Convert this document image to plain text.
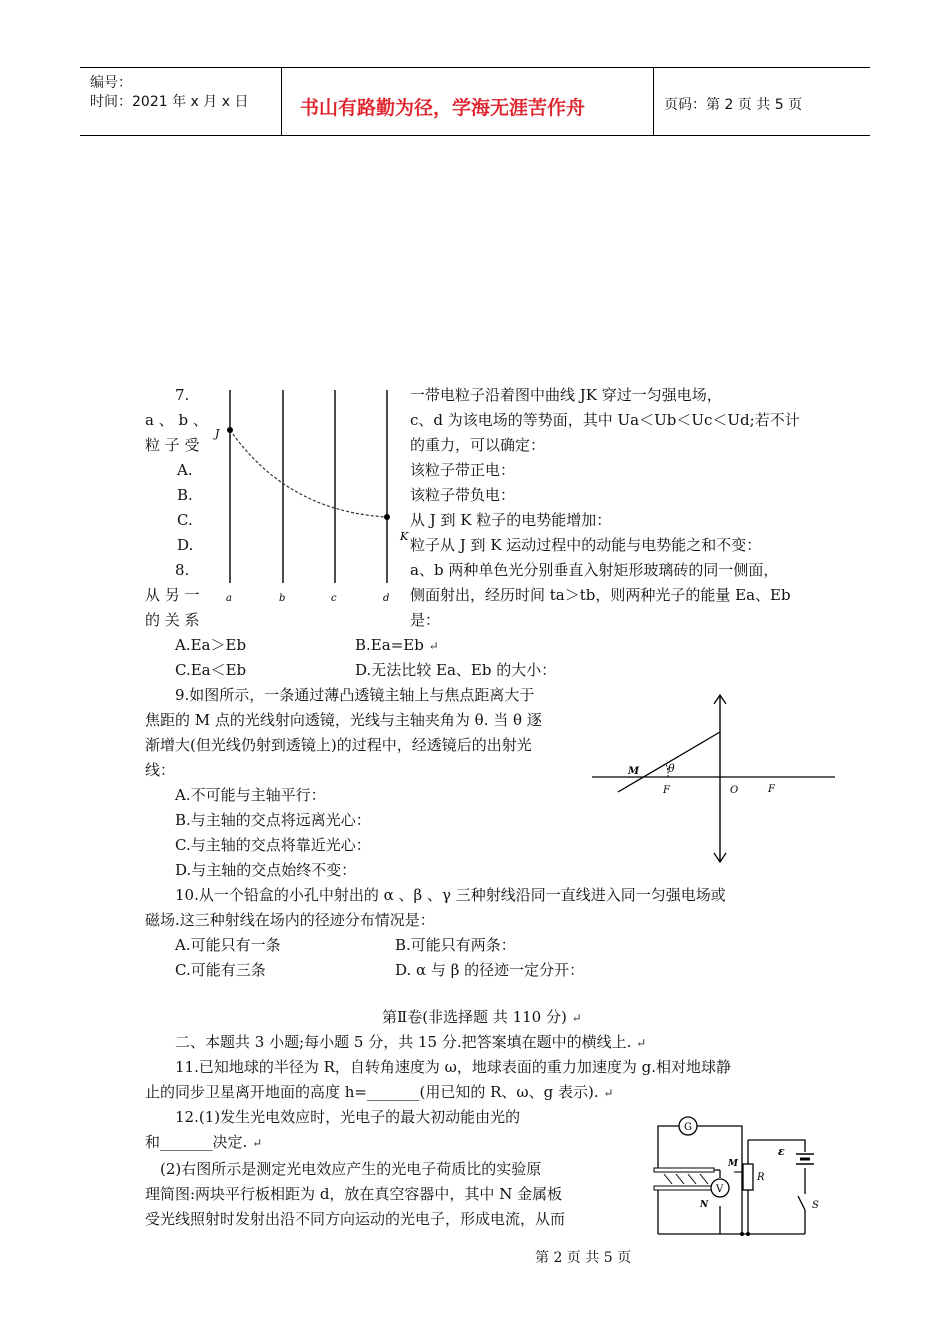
编号：
时间：2021 年 x 月 x 日	书山有路勤为径，学海无涯苦作舟	页码：第 2 页 共 5 页
J
K
a	b	c	d
7.
a 、 b 、
粒 子 受
一带电粒子沿着图中曲线 JK 穿过一匀强电场，
c、d 为该电场的等势面，其中 Ua＜Ub＜Uc＜Ud;若不计
的重力，可以确定：
A.	该粒子带正电：
B.	该粒子带负电：
C.	从 J 到 K 粒子的电势能增加：
D.	粒子从 J 到 K 运动过程中的动能与电势能之和不变：
8.
从 另 一
的 关 系
a、b 两种单色光分别垂直入射矩形玻璃砖的同一侧面，
侧面射出，经历时间 ta＞tb，则两种光子的能量 Ea、Eb
是：
A.Ea＞Eb	B.Ea=Eb ↵
C.Ea＜Eb	D.无法比较 Ea、Eb 的大小：
9.如图所示，一条通过薄凸透镜主轴上与焦点距离大于
焦距的 M 点的光线射向透镜，光线与主轴夹角为 θ. 当 θ 逐
渐增大(但光线仍射到透镜上)的过程中，经透镜后的出射光
线：
A.不可能与主轴平行：
B.与主轴的交点将远离光心：
C.与主轴的交点将靠近光心：
D.与主轴的交点始终不变：
M	θ
F	O	F
10.从一个铅盒的小孔中射出的 α 、β 、γ 三种射线沿同一直线进入同一匀强电场或
磁场.这三种射线在场内的径迹分布情况是：
A.可能只有一条	B.可能只有两条：
C.可能有三条	D. α 与 β 的径迹一定分开：
第Ⅱ卷(非选择题 共 110 分) ↵
二、本题共 3 小题;每小题 5 分，共 15 分.把答案填在题中的横线上. ↵
11.已知地球的半径为 R，自转角速度为 ω，地球表面的重力加速度为 g.相对地球静
止的同步卫星离开地面的高度 h=_______(用已知的 R、ω、g 表示). ↵
12.(1)发生光电效应时，光电子的最大初动能由光的
和_______决定. ↵
(2)右图所示是测定光电效应产生的光电子荷质比的实验原
理简图:两块平行板相距为 d，放在真空容器中，其中 N 金属板
受光线照射时发射出沿不同方向运动的光电子，形成电流，从而
G
V
R
ε
S
M
N
第 2 页 共 5 页
